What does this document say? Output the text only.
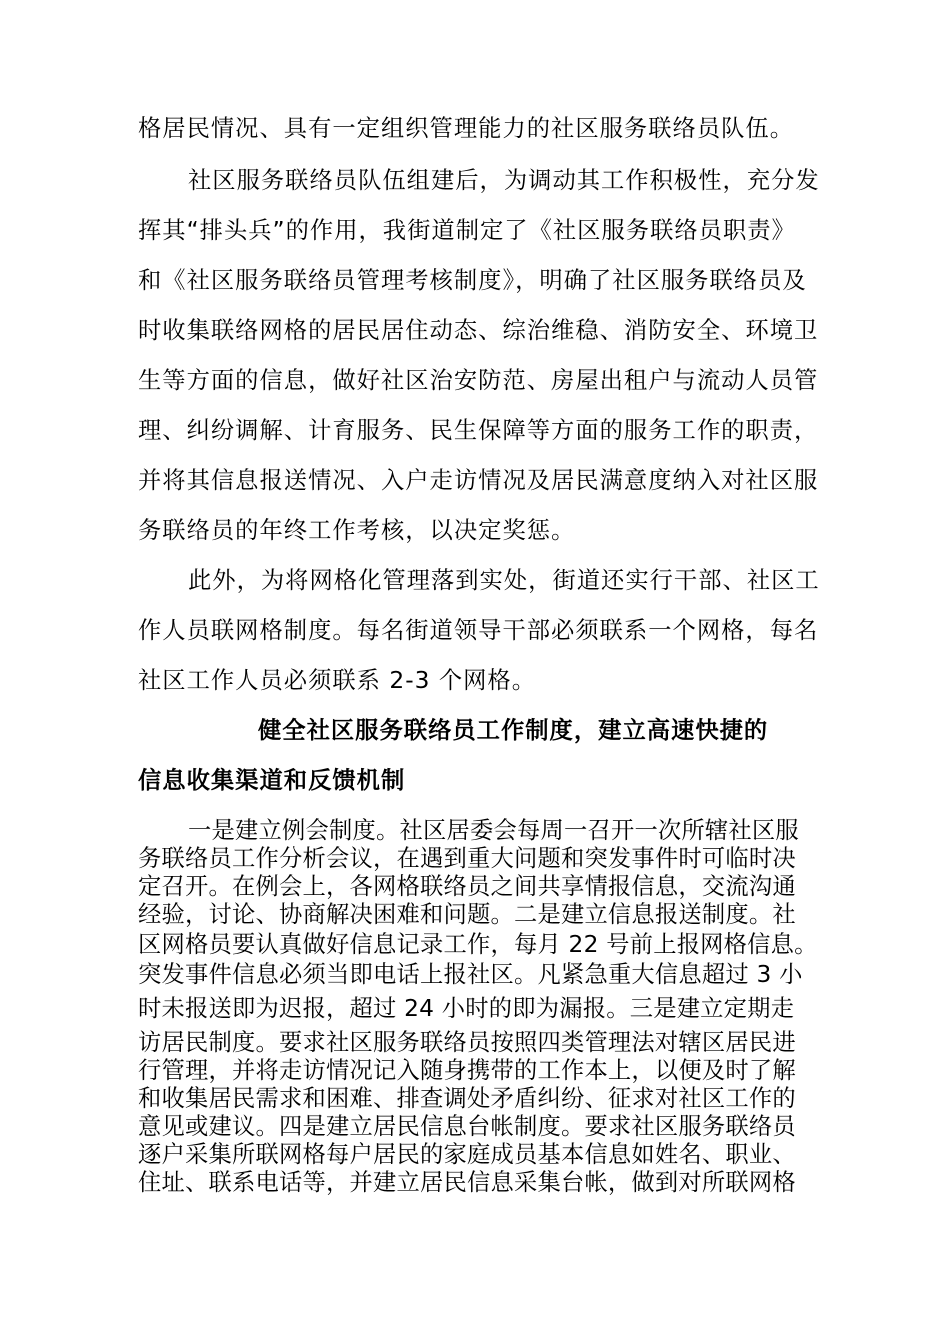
格居民情况、具有一定组织管理能力的社区服务联络员队伍。
社区服务联络员队伍组建后，为调动其工作积极性，充分发
挥其“排头兵”的作用，我街道制定了《社区服务联络员职责》
和《社区服务联络员管理考核制度》，明确了社区服务联络员及
时收集联络网格的居民居住动态、综治维稳、消防安全、环境卫
生等方面的信息，做好社区治安防范、房屋出租户与流动人员管
理、纠纷调解、计育服务、民生保障等方面的服务工作的职责，
并将其信息报送情况、入户走访情况及居民满意度纳入对社区服
务联络员的年终工作考核，以决定奖惩。
此外，为将网格化管理落到实处，街道还实行干部、社区工
作人员联网格制度。每名街道领导干部必须联系一个网格，每名
社区工作人员必须联系 2-3 个网格。
健全社区服务联络员工作制度，建立高速快捷的
信息收集渠道和反馈机制
一是建立例会制度。社区居委会每周一召开一次所辖社区服
务联络员工作分析会议，在遇到重大问题和突发事件时可临时决
定召开。在例会上，各网格联络员之间共享情报信息，交流沟通
经验，讨论、协商解决困难和问题。二是建立信息报送制度。社
区网格员要认真做好信息记录工作，每月 22 号前上报网格信息。
突发事件信息必须当即电话上报社区。凡紧急重大信息超过 3 小
时未报送即为迟报，超过 24 小时的即为漏报。三是建立定期走
访居民制度。要求社区服务联络员按照四类管理法对辖区居民进
行管理，并将走访情况记入随身携带的工作本上，以便及时了解
和收集居民需求和困难、排查调处矛盾纠纷、征求对社区工作的
意见或建议。四是建立居民信息台帐制度。要求社区服务联络员
逐户采集所联网格每户居民的家庭成员基本信息如姓名、职业、
住址、联系电话等，并建立居民信息采集台帐，做到对所联网格
